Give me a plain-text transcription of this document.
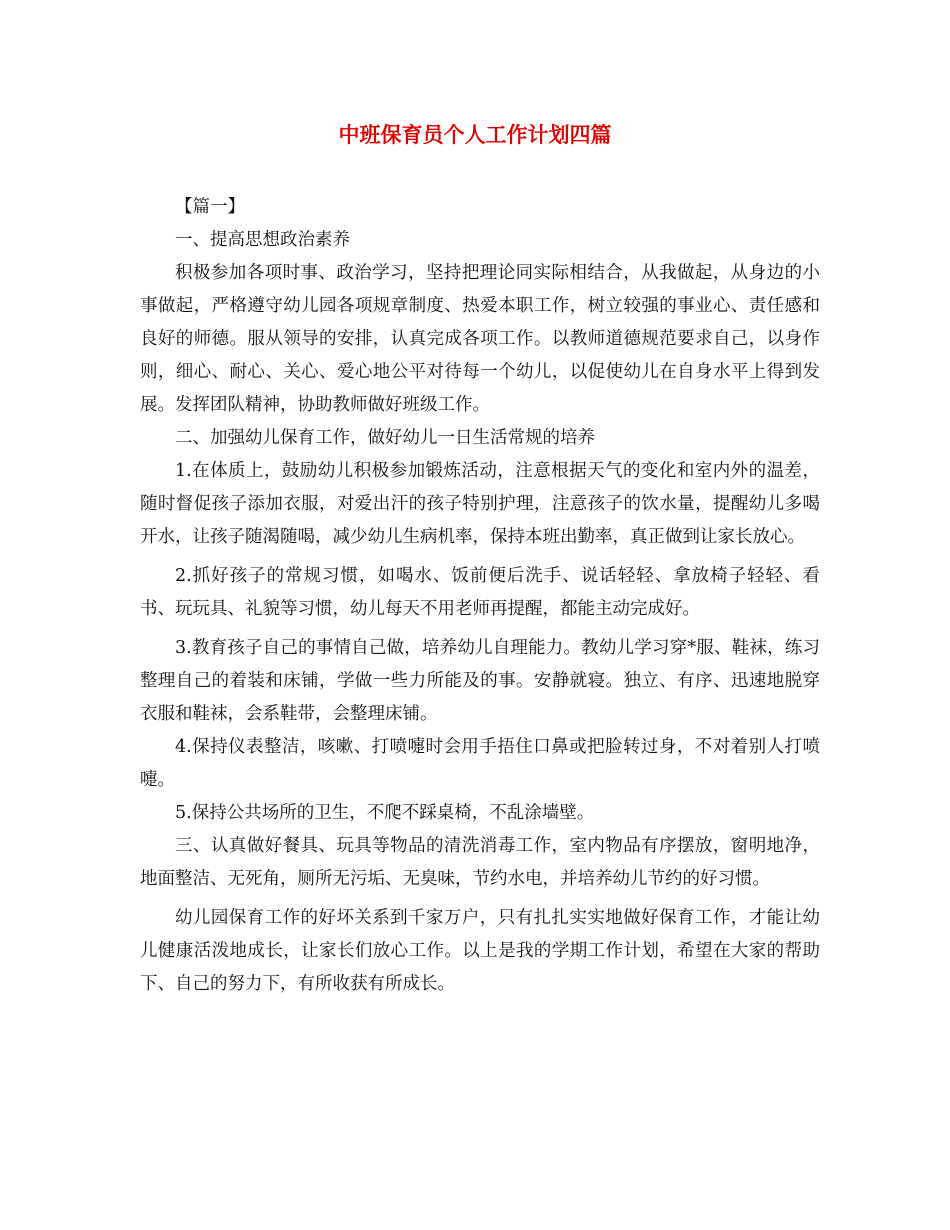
中班保育员个人工作计划四篇

【篇一】

一、提高思想政治素养

积极参加各项时事、政治学习，坚持把理论同实际相结合，从我做起，从身边的小事做起，严格遵守幼儿园各项规章制度、热爱本职工作，树立较强的事业心、责任感和良好的师德。服从领导的安排，认真完成各项工作。以教师道德规范要求自己，以身作则，细心、耐心、关心、爱心地公平对待每一个幼儿，以促使幼儿在自身水平上得到发展。发挥团队精神，协助教师做好班级工作。

二、加强幼儿保育工作，做好幼儿一日生活常规的培养

1.在体质上，鼓励幼儿积极参加锻炼活动，注意根据天气的变化和室内外的温差，随时督促孩子添加衣服，对爱出汗的孩子特别护理，注意孩子的饮水量，提醒幼儿多喝开水，让孩子随渴随喝，减少幼儿生病机率，保持本班出勤率，真正做到让家长放心。

2.抓好孩子的常规习惯，如喝水、饭前便后洗手、说话轻轻、拿放椅子轻轻、看书、玩玩具、礼貌等习惯，幼儿每天不用老师再提醒，都能主动完成好。

3.教育孩子自己的事情自己做，培养幼儿自理能力。教幼儿学习穿*服、鞋袜，练习整理自己的着装和床铺，学做一些力所能及的事。安静就寝。独立、有序、迅速地脱穿衣服和鞋袜，会系鞋带，会整理床铺。

4.保持仪表整洁，咳嗽、打喷嚏时会用手捂住口鼻或把脸转过身，不对着别人打喷嚏。

5.保持公共场所的卫生，不爬不踩桌椅，不乱涂墙壁。

三、认真做好餐具、玩具等物品的清洗消毒工作，室内物品有序摆放，窗明地净，地面整洁、无死角，厕所无污垢、无臭味，节约水电，并培养幼儿节约的好习惯。

幼儿园保育工作的好坏关系到千家万户，只有扎扎实实地做好保育工作，才能让幼儿健康活泼地成长，让家长们放心工作。以上是我的学期工作计划，希望在大家的帮助下、自己的努力下，有所收获有所成长。
